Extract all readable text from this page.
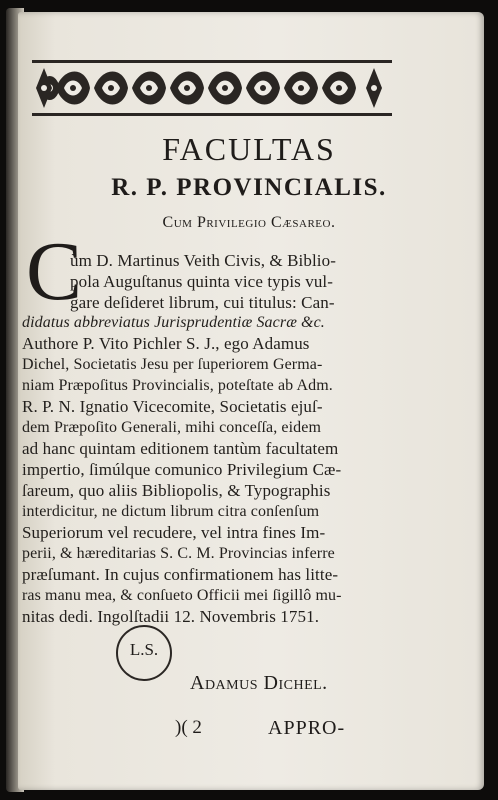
FACULTAS
R. P. PROVINCIALIS.

Cum Privilegio Cæsareo.

C

ùm D. Martinus Veith Civis, & Biblio-

pola Auguſtanus quinta vice typis vul-

gare deſideret librum, cui titulus: Can-

didatus abbreviatus Jurisprudentiæ Sacræ &c.

Authore P. Vito Pichler S. J., ego Adamus

Dichel, Societatis Jesu per ſuperiorem Germa-

niam Præpoſitus Provincialis, poteſtate ab Adm.

R. P. N. Ignatio Vicecomite, Societatis ejuſ-

dem Præpoſito Generali, mihi conceſſa, eidem

ad hanc quintam editionem tantùm facultatem

impertio, ſimúlque comunico Privilegium Cæ-

ſareum, quo aliis Bibliopolis, & Typographis

interdicitur, ne dictum librum citra conſenſum

Superiorum vel recudere, vel intra fines Im-

perii, & hæreditarias S. C. M. Provincias inferre

præſumant. In cujus confirmationem has litte-

ras manu mea, & conſueto Officii mei ſigillô mu-

nitas dedi. Ingolſtadii 12. Novembris 1751.

L.S.

Adamus Dichel.

)( 2	APPRO-
